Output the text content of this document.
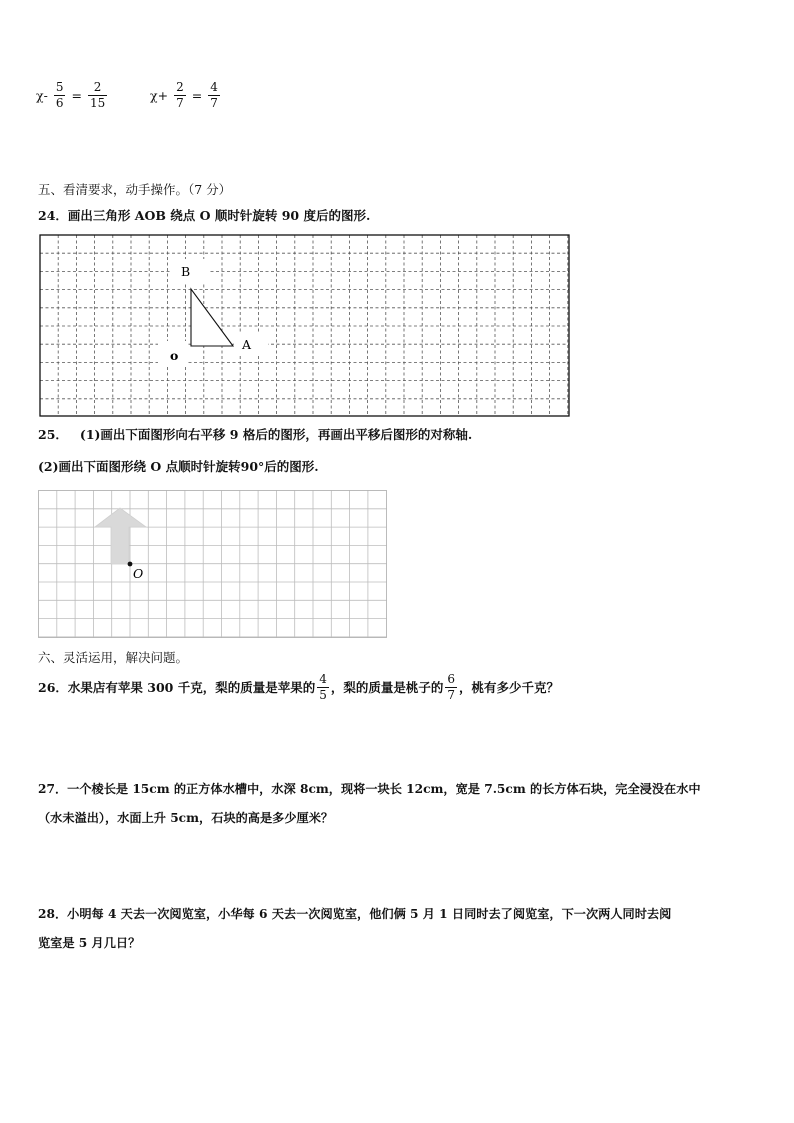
$\chi- \frac{5}{6} = \frac{2}{15}$	$\chi+ \frac{2}{7} = \frac{4}{7}$
五、看清要求，动手操作。（7 分）
24．画出三角形 AOB 绕点 O 顺时针旋转 90 度后的图形.
B
A
o
25． (1)画出下面图形向右平移 9 格后的图形，再画出平移后图形的对称轴.
(2)画出下面图形绕 O 点顺时针旋转90°后的图形.
O
六、灵活运用，解决问题。
26．水果店有苹果 300 千克，梨的质量是苹果的 $\frac{4}{5}$ ，梨的质量是桃子的 $\frac{6}{7}$ ，桃有多少千克？
27．一个棱长是 15cm 的正方体水槽中，水深 8cm，现将一块长 12cm，宽是 7.5cm 的长方体石块，完全浸没在水中
（水未溢出），水面上升 5cm，石块的高是多少厘米？
28．小明每 4 天去一次阅览室，小华每 6 天去一次阅览室，他们俩 5 月 1 日同时去了阅览室，下一次两人同时去阅
览室是 5 月几日？
